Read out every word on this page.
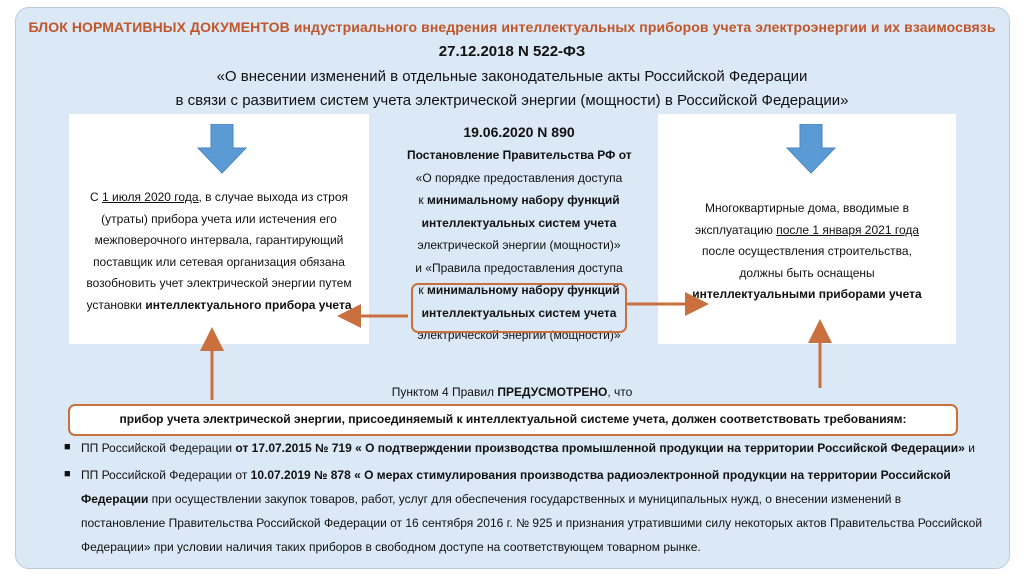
БЛОК НОРМАТИВНЫХ ДОКУМЕНТОВ индустриального внедрения интеллектуальных приборов учета электроэнергии и их взаимосвязь
27.12.2018 N 522-ФЗ
«О внесении изменений в отдельные законодательные акты Российской Федерации
в связи с развитием систем учета электрической энергии (мощности) в Российской Федерации»
С 1 июля 2020 года, в случае выхода из строя
(утраты) прибора учета или истечения его
межповерочного интервала, гарантирующий
поставщик или сетевая организация обязана
возобновить учет электрической энергии путем
установки интеллектуального прибора учета
19.06.2020 N 890
Постановление Правительства РФ от
«О порядке предоставления доступа
к минимальному набору функций
интеллектуальных систем учета
электрической энергии (мощности)»
и «Правила предоставления доступа
к минимальному набору функций
интеллектуальных систем учета
электрической энергии (мощности)»
Многоквартирные дома, вводимые в
эксплуатацию после 1 января 2021 года
после осуществления строительства,
должны быть оснащены
интеллектуальными приборами учета
Пунктом 4 Правил ПРЕДУСМОТРЕНО, что
прибор учета электрической энергии, присоединяемый к интеллектуальной системе учета, должен соответствовать требованиям:
■ ПП Российской Федерации от 17.07.2015 № 719 « О подтверждении производства промышленной продукции на территории Российской Федерации» и
■ ПП Российской Федерации от 10.07.2019 № 878 « О мерах стимулирования производства радиоэлектронной продукции на территории Российской
Федерации при осуществлении закупок товаров, работ, услуг для обеспечения государственных и муниципальных нужд, о внесении изменений в
постановление Правительства Российской Федерации от 16 сентября 2016 г. № 925 и признания утратившими силу некоторых актов Правительства Российской
Федерации» при условии наличия таких приборов в свободном доступе на соответствующем товарном рынке.
